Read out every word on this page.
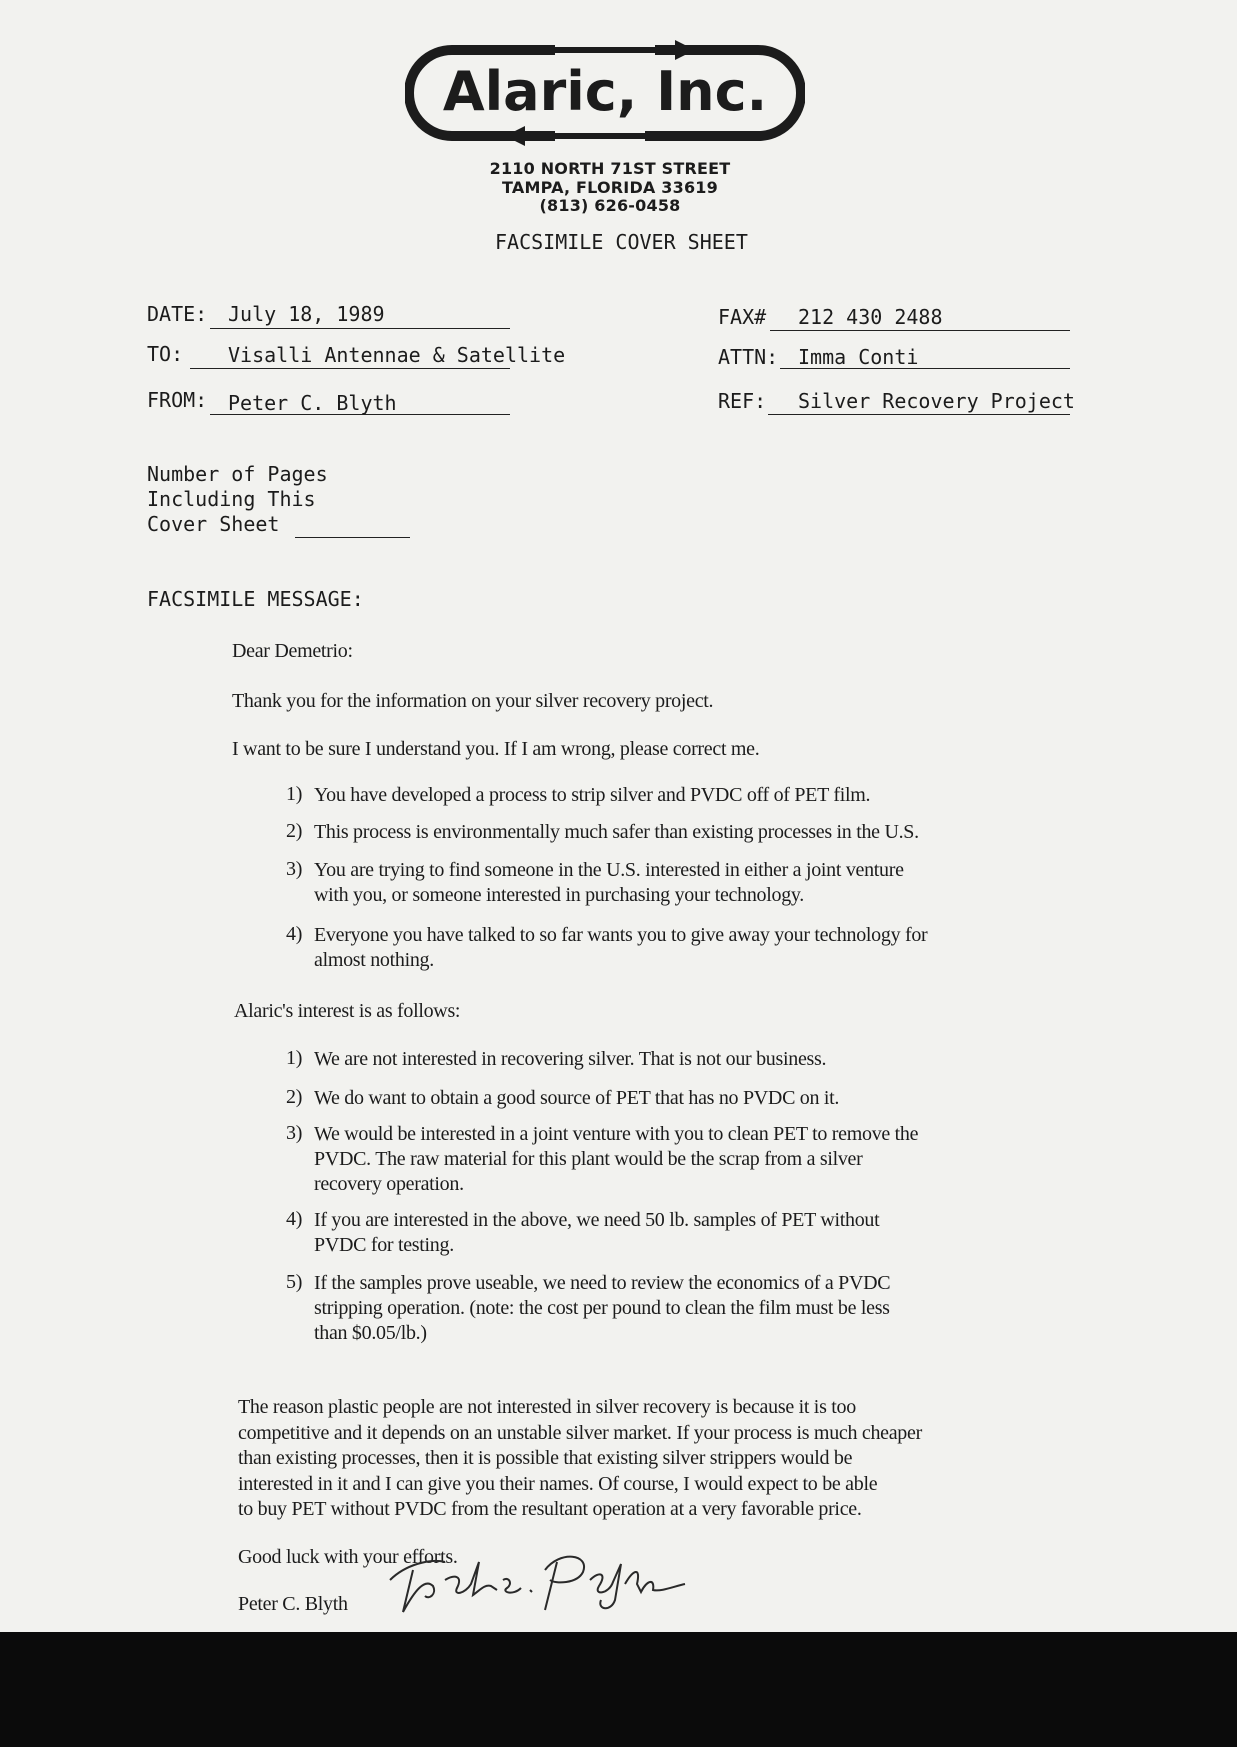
Alaric, Inc.
2110 NORTH 71ST STREET
TAMPA, FLORIDA 33619
(813) 626-0458
FACSIMILE COVER SHEET
DATE: July 18, 1989
TO: Visalli Antennae & Satellite
FROM: Peter C. Blyth
FAX# 212 430 2488
ATTN: Imma Conti
REF: Silver Recovery Project
Number of Pages
Including This
Cover Sheet
FACSIMILE MESSAGE:
Dear Demetrio:
Thank you for the information on your silver recovery project.
I want to be sure I understand you. If I am wrong, please correct me.
1) You have developed a process to strip silver and PVDC off of PET film.
2) This process is environmentally much safer than existing processes in the U.S.
3) You are trying to find someone in the U.S. interested in either a joint venture
with you, or someone interested in purchasing your technology.
4) Everyone you have talked to so far wants you to give away your technology for
almost nothing.
Alaric's interest is as follows:
1) We are not interested in recovering silver. That is not our business.
2) We do want to obtain a good source of PET that has no PVDC on it.
3) We would be interested in a joint venture with you to clean PET to remove the
PVDC. The raw material for this plant would be the scrap from a silver
recovery operation.
4) If you are interested in the above, we need 50 lb. samples of PET without
PVDC for testing.
5) If the samples prove useable, we need to review the economics of a PVDC
stripping operation. (note: the cost per pound to clean the film must be less
than $0.05/lb.)
The reason plastic people are not interested in silver recovery is because it is too
competitive and it depends on an unstable silver market. If your process is much cheaper
than existing processes, then it is possible that existing silver strippers would be
interested in it and I can give you their names. Of course, I would expect to be able
to buy PET without PVDC from the resultant operation at a very favorable price.
Good luck with your efforts.
Peter C. Blyth
